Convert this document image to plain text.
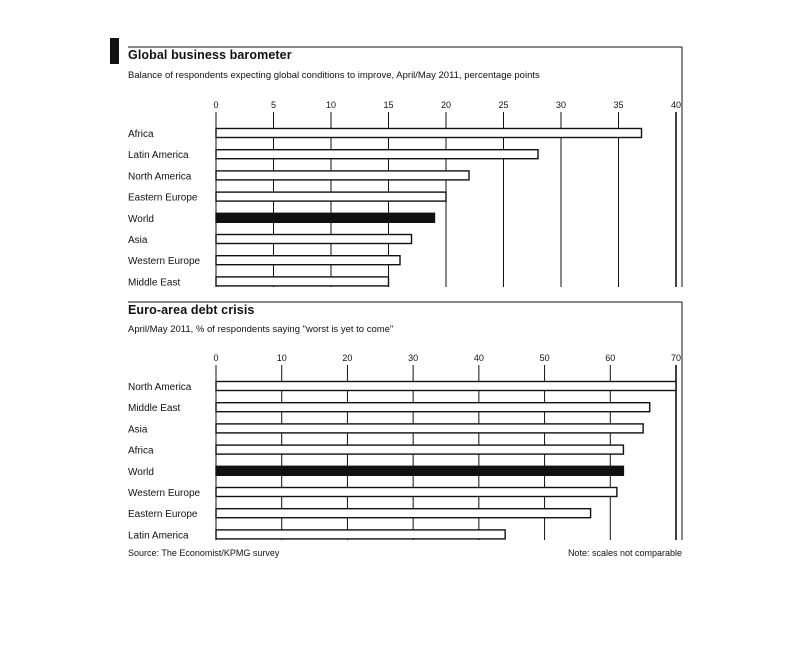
Global business barometer
Balance of respondents expecting global conditions to improve, April/May 2011, percentage points
Euro-area debt crisis
April/May 2011, % of respondents saying "worst is yet to come"
0	5	10	15	20	25	30	35	40
Africa
Latin America
North America
Eastern Europe
World
Asia
Western Europe
Middle East
0	10	20	30	40	50	60	70
North America
Middle East
Asia
Africa
World
Western Europe
Eastern Europe
Latin America
Source: The Economist/KPMG survey	Note: scales not comparable
